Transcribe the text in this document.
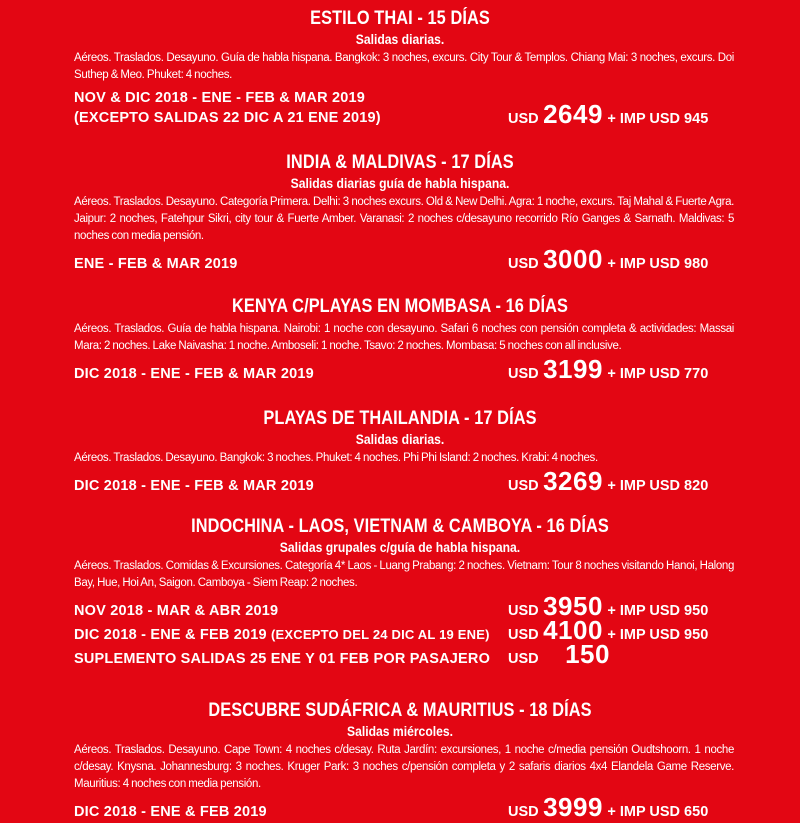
ESTILO THAI - 15 DÍAS
Salidas diarias.
Aéreos. Traslados. Desayuno. Guía de habla hispana. Bangkok: 3 noches, excurs. City Tour & Templos. Chiang Mai: 3 noches, excurs. Doi Suthep & Meo. Phuket: 4 noches.
NOV & DIC 2018 - ENE - FEB & MAR 2019
(EXCEPTO SALIDAS 22 DIC A 21 ENE 2019)	USD 2649 + IMP USD 945
INDIA & MALDIVAS - 17 DÍAS
Salidas diarias guía de habla hispana.
Aéreos. Traslados. Desayuno. Categoría Primera. Delhi: 3 noches excurs. Old & New Delhi. Agra: 1 noche, excurs. Taj Mahal & Fuerte Agra. Jaipur: 2 noches, Fatehpur Sikri, city tour & Fuerte Amber. Varanasi: 2 noches c/desayuno recorrido Río Ganges & Sarnath. Maldivas: 5 noches con media pensión.
ENE - FEB & MAR 2019	USD 3000 + IMP USD 980
KENYA C/PLAYAS EN MOMBASA - 16 DÍAS
Aéreos. Traslados. Guía de habla hispana. Nairobi: 1 noche con desayuno. Safari 6 noches con pensión completa & actividades: Massai Mara: 2 noches. Lake Naivasha: 1 noche. Amboseli: 1 noche. Tsavo: 2 noches. Mombasa: 5 noches con all inclusive.
DIC 2018 - ENE - FEB & MAR 2019	USD 3199 + IMP USD 770
PLAYAS DE THAILANDIA - 17 DÍAS
Salidas diarias.
Aéreos. Traslados. Desayuno. Bangkok: 3 noches. Phuket: 4 noches. Phi Phi Island: 2 noches. Krabi: 4 noches.
DIC 2018 - ENE - FEB & MAR 2019	USD 3269 + IMP USD 820
INDOCHINA - LAOS, VIETNAM & CAMBOYA - 16 DÍAS
Salidas grupales c/guía de habla hispana.
Aéreos. Traslados. Comidas & Excursiones. Categoría 4* Laos - Luang Prabang: 2 noches. Vietnam: Tour 8 noches visitando Hanoi, Halong Bay, Hue, Hoi An, Saigon. Camboya - Siem Reap: 2 noches.
NOV 2018 - MAR & ABR 2019	USD 3950 + IMP USD 950
DIC 2018 - ENE & FEB 2019 (EXCEPTO DEL 24 DIC AL 19 ENE) USD 4100 + IMP USD 950
SUPLEMENTO SALIDAS 25 ENE Y 01 FEB POR PASAJERO USD 150
DESCUBRE SUDÁFRICA & MAURITIUS - 18 DÍAS
Salidas miércoles.
Aéreos. Traslados. Desayuno. Cape Town: 4 noches c/desay. Ruta Jardín: excursiones, 1 noche c/media pensión Oudtshoorn. 1 noche c/desay. Knysna. Johannesburg: 3 noches. Kruger Park: 3 noches c/pensión completa y 2 safaris diarios 4x4 Elandela Game Reserve. Mauritius: 4 noches con media pensión.
DIC 2018 - ENE & FEB 2019	USD 3999 + IMP USD 650
